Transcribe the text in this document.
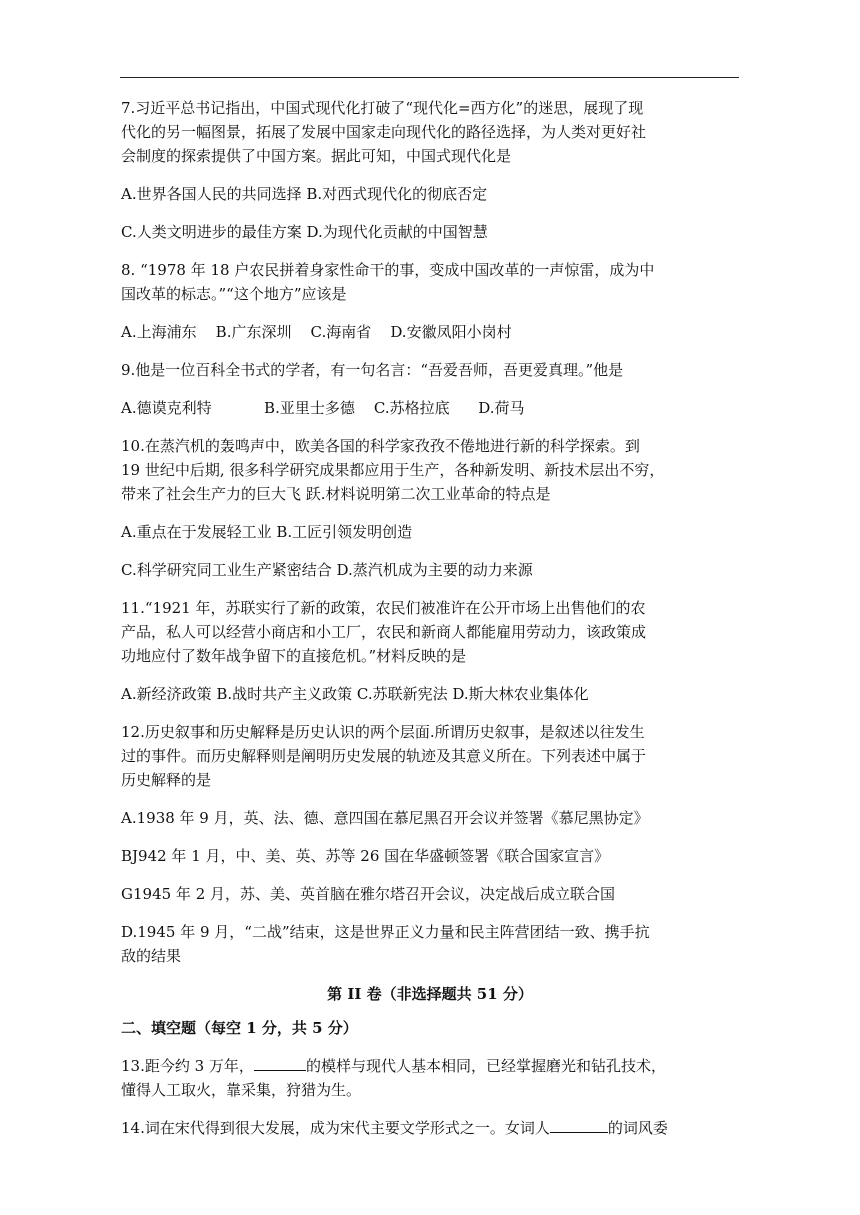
7.习近平总书记指出，中国式现代化打破了“现代化=西方化”的迷思，展现了现
代化的另一幅图景，拓展了发展中国家走向现代化的路径选择，为人类对更好社
会制度的探索提供了中国方案。据此可知，中国式现代化是
A.世界各国人民的共同选择 B.对西式现代化的彻底否定
C.人类文明进步的最佳方案 D.为现代化贡献的中国智慧
8. “1978 年 18 户农民拼着身家性命干的事，变成中国改革的一声惊雷，成为中
国改革的标志。”“这个地方”应该是
A.上海浦东    B.广东深圳    C.海南省    D.安徽凤阳小岗村
9.他是一位百科全书式的学者，有一句名言：“吾爱吾师，吾更爱真理。”他是
A.德谟克利特           B.亚里士多德    C.苏格拉底      D.荷马
10.在蒸汽机的轰鸣声中，欧美各国的科学家孜孜不倦地进行新的科学探索。到
19 世纪中后期, 很多科学研究成果都应用于生产，各种新发明、新技术层出不穷，
带来了社会生产力的巨大飞 跃.材料说明第二次工业革命的特点是
A.重点在于发展轻工业 B.工匠引领发明创造
C.科学研究同工业生产紧密结合 D.蒸汽机成为主要的动力来源
11.“1921 年，苏联实行了新的政策，农民们被准许在公开市场上出售他们的农
产品，私人可以经营小商店和小工厂，农民和新商人都能雇用劳动力，该政策成
功地应付了数年战争留下的直接危机。”材料反映的是
A.新经济政策 B.战时共产主义政策 C.苏联新宪法 D.斯大林农业集体化
12.历史叙事和历史解释是历史认识的两个层面.所谓历史叙事，是叙述以往发生
过的事件。而历史解释则是阐明历史发展的轨迹及其意义所在。下列表述中属于
历史解释的是
A.1938 年 9 月，英、法、德、意四国在慕尼黑召开会议并签署《慕尼黑协定》
BJ942 年 1 月，中、美、英、苏等 26 国在华盛顿签署《联合国家宣言》
G1945 年 2 月，苏、美、英首脑在雅尔塔召开会议，决定战后成立联合国
D.1945 年 9 月，“二战”结束，这是世界正义力量和民主阵营团结一致、携手抗
敌的结果
第 II 卷（非选择题共 51 分）
二、填空题（每空 1 分，共 5 分）
13.距今约 3 万年，	的模样与现代人基本相同，已经掌握磨光和钻孔技术，
懂得人工取火，靠采集，狩猎为生。
14.词在宋代得到很大发展，成为宋代主要文学形式之一。女词人	的词风委
